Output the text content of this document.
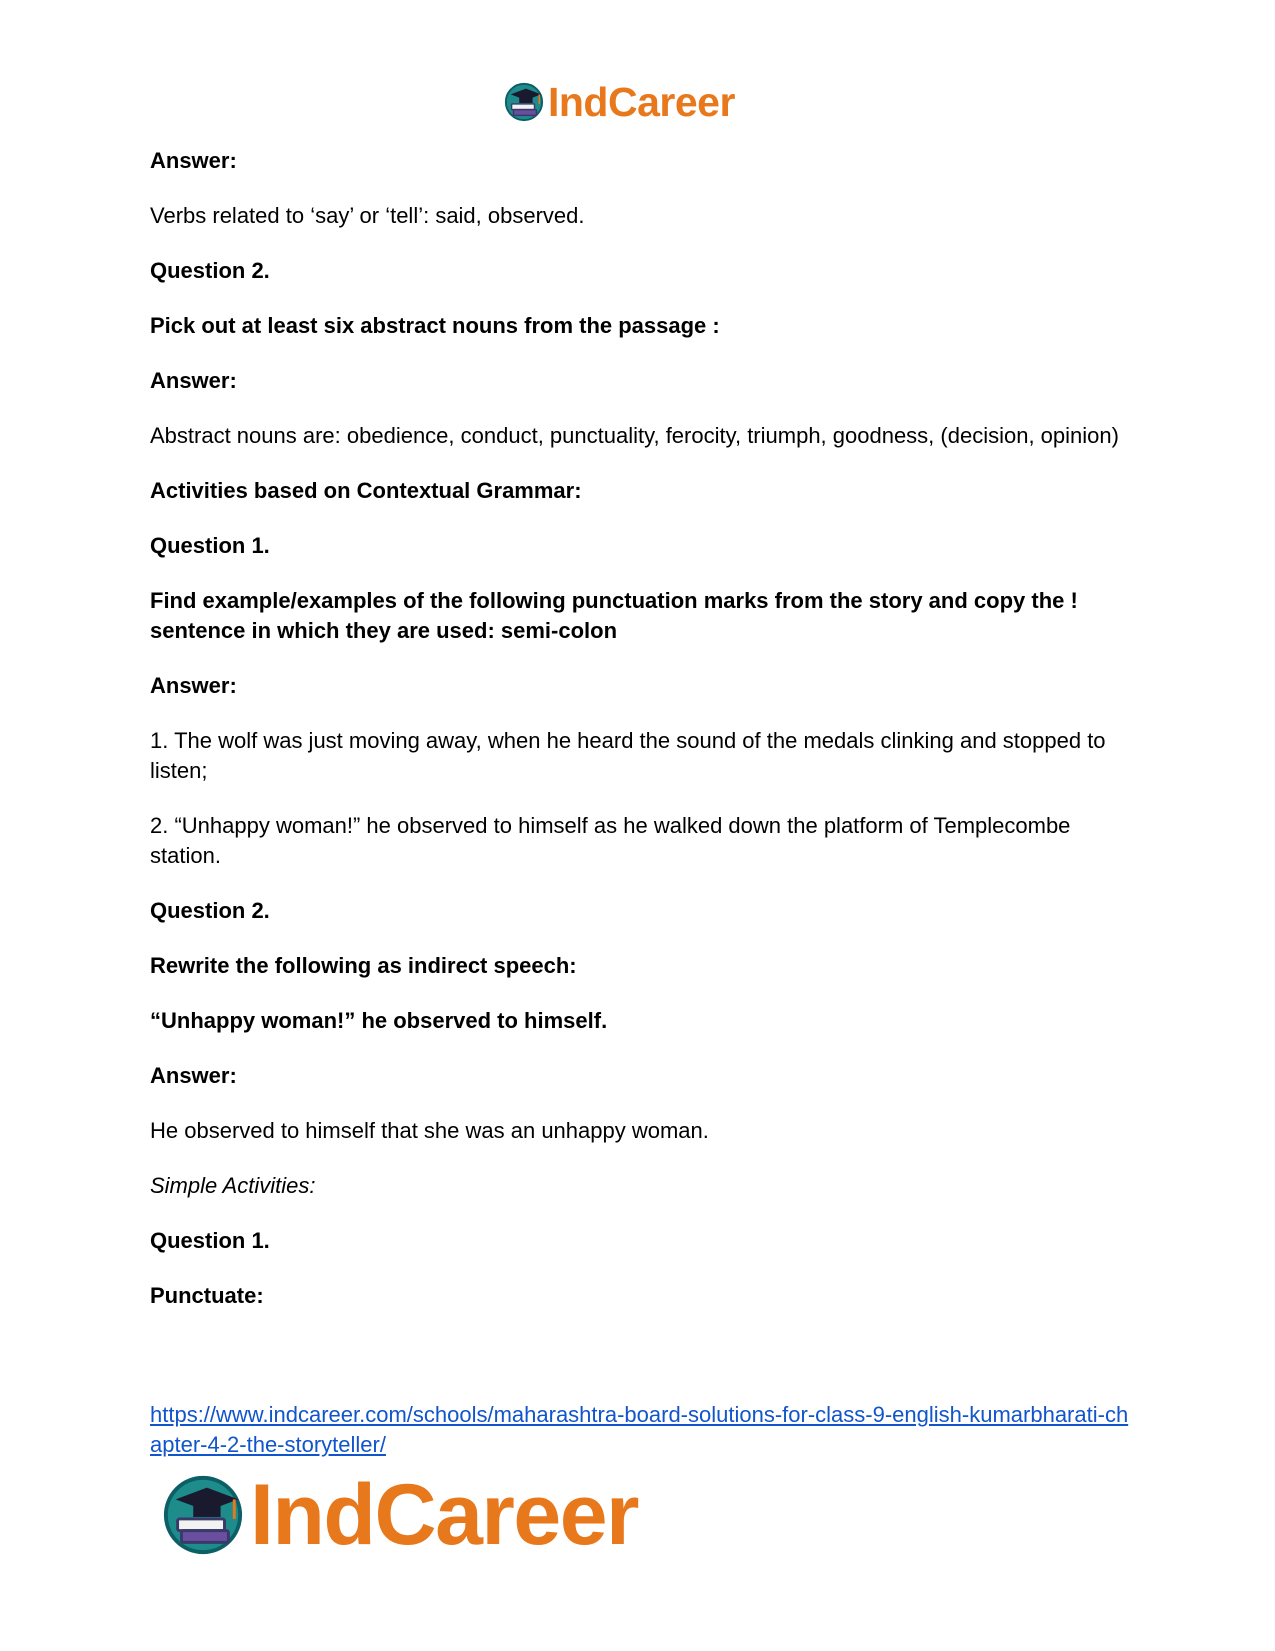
IndCareer

Answer:

Verbs related to ‘say’ or ‘tell’: said, observed.

Question 2.

Pick out at least six abstract nouns from the passage :

Answer:

Abstract nouns are: obedience, conduct, punctuality, ferocity, triumph, goodness, (decision, opinion)

Activities based on Contextual Grammar:

Question 1.

Find example/examples of the following punctuation marks from the story and copy the ! sentence in which they are used: semi-colon

Answer:

1. The wolf was just moving away, when he heard the sound of the medals clinking and stopped to listen;

2. “Unhappy woman!” he observed to himself as he walked down the platform of Templecombe station.

Question 2.

Rewrite the following as indirect speech:

“Unhappy woman!” he observed to himself.

Answer:

He observed to himself that she was an unhappy woman.

Simple Activities:

Question 1.

Punctuate:

https://www.indcareer.com/schools/maharashtra-board-solutions-for-class-9-english-kumarbharati-chapter-4-2-the-storyteller/
IndCareer
